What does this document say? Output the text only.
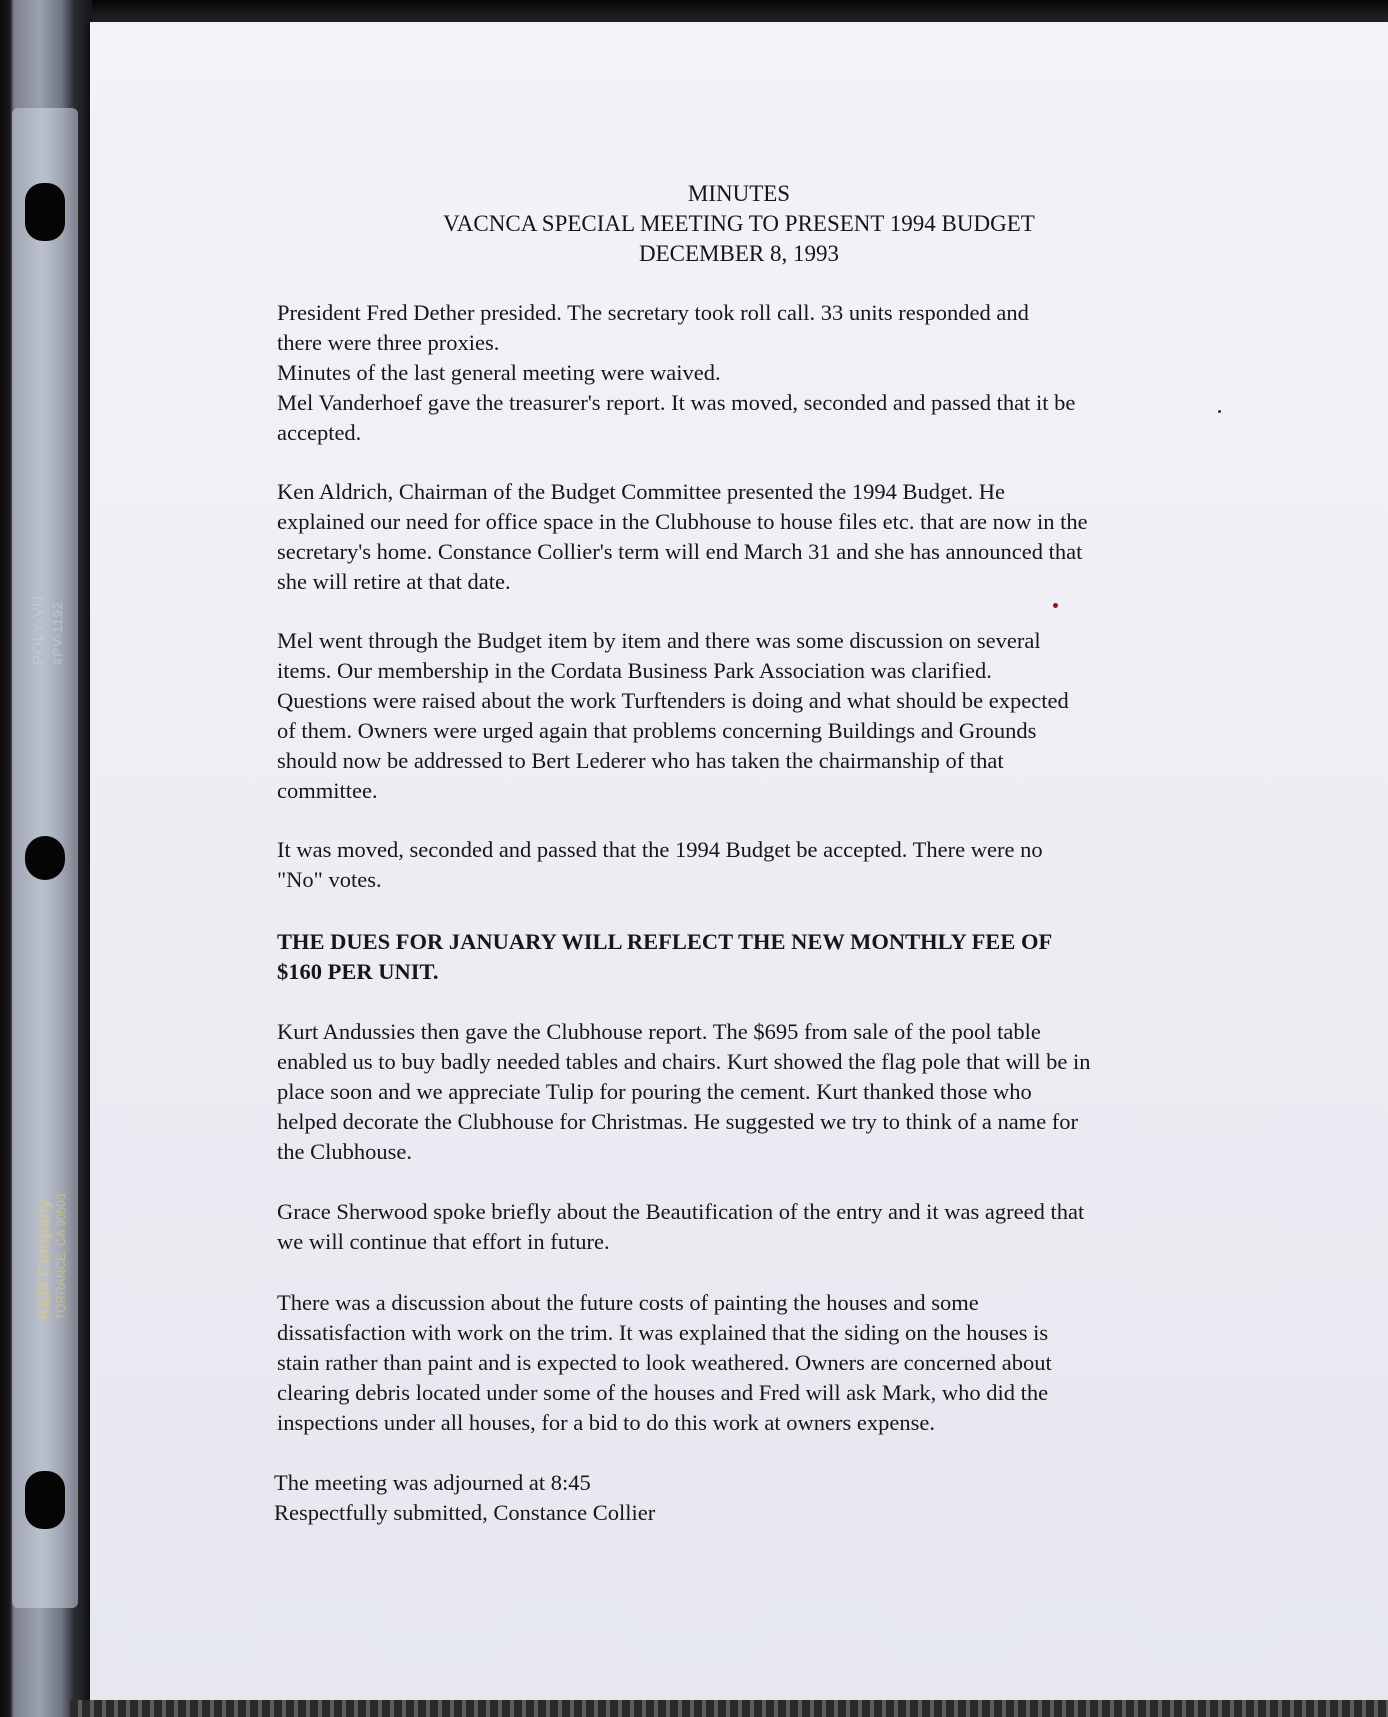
POLY-VU #PV-1192
K&M Company TORRANCE, CA 90503
MINUTES
VACNCA SPECIAL MEETING TO PRESENT 1994 BUDGET
DECEMBER 8, 1993

President Fred Dether presided. The secretary took roll call. 33 units responded and
there were three proxies.
Minutes of the last general meeting were waived.
Mel Vanderhoef gave the treasurer's report. It was moved, seconded and passed that it be
accepted.

Ken Aldrich, Chairman of the Budget Committee presented the 1994 Budget. He
explained our need for office space in the Clubhouse to house files etc. that are now in the
secretary's home. Constance Collier's term will end March 31 and she has announced that
she will retire at that date.

Mel went through the Budget item by item and there was some discussion on several
items. Our membership in the Cordata Business Park Association was clarified.
Questions were raised about the work Turftenders is doing and what should be expected
of them. Owners were urged again that problems concerning Buildings and Grounds
should now be addressed to Bert Lederer who has taken the chairmanship of that
committee.

It was moved, seconded and passed that the 1994 Budget be accepted. There were no
"No" votes.

THE DUES FOR JANUARY WILL REFLECT THE NEW MONTHLY FEE OF
$160 PER UNIT.

Kurt Andussies then gave the Clubhouse report. The $695 from sale of the pool table
enabled us to buy badly needed tables and chairs. Kurt showed the flag pole that will be in
place soon and we appreciate Tulip for pouring the cement. Kurt thanked those who
helped decorate the Clubhouse for Christmas. He suggested we try to think of a name for
the Clubhouse.

Grace Sherwood spoke briefly about the Beautification of the entry and it was agreed that
we will continue that effort in future.

There was a discussion about the future costs of painting the houses and some
dissatisfaction with work on the trim. It was explained that the siding on the houses is
stain rather than paint and is expected to look weathered. Owners are concerned about
clearing debris located under some of the houses and Fred will ask Mark, who did the
inspections under all houses, for a bid to do this work at owners expense.

The meeting was adjourned at 8:45
Respectfully submitted, Constance Collier
